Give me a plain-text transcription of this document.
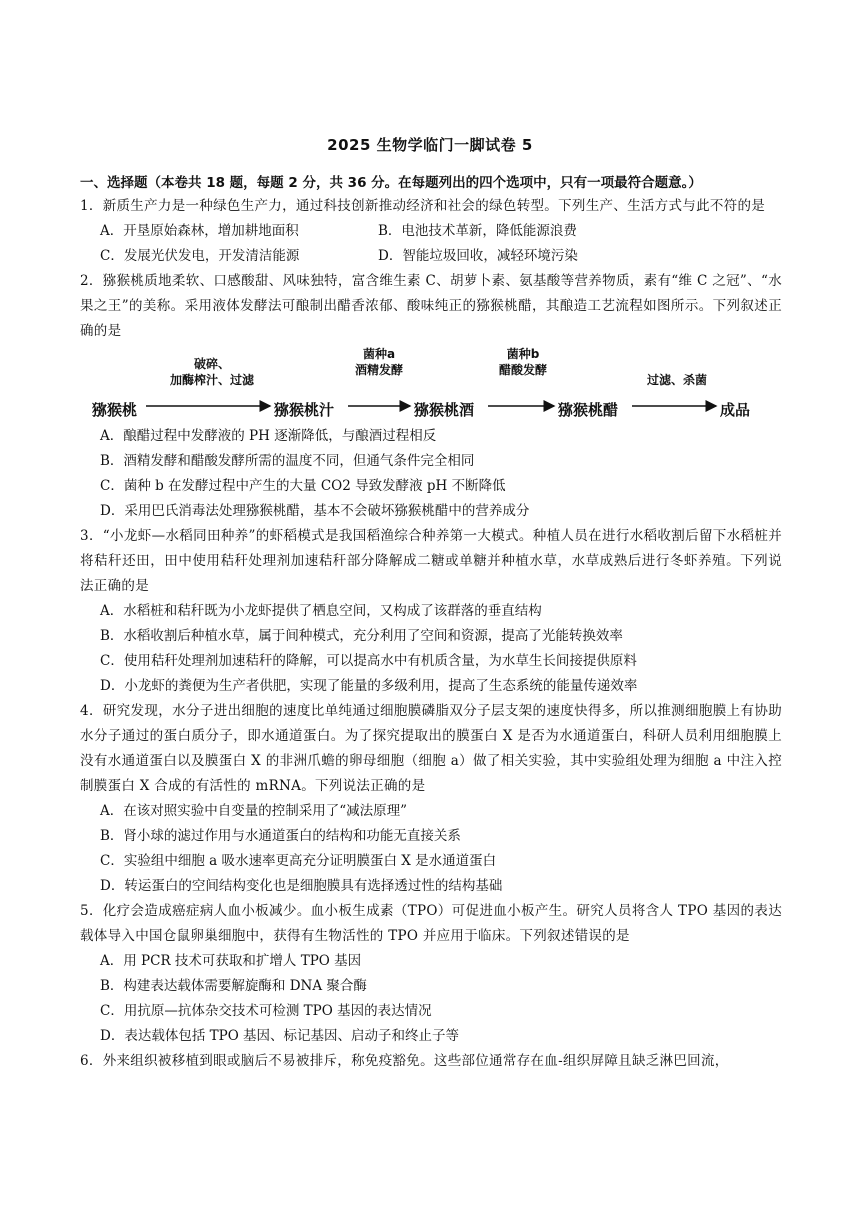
2025 生物学临门一脚试卷 5
一、选择题（本卷共 18 题，每题 2 分，共 36 分。在每题列出的四个选项中，只有一项最符合题意。）

1．新质生产力是一种绿色生产力，通过科技创新推动经济和社会的绿色转型。下列生产、生活方式与此不符的是

A．开垦原始森林，增加耕地面积	B．电池技术革新，降低能源浪费
C．发展光伏发电，开发清洁能源	D．智能垃圾回收，减轻环境污染

2．猕猴桃质地柔软、口感酸甜、风味独特，富含维生素 C、胡萝卜素、氨基酸等营养物质，素有“维 C 之冠”、“水果之王”的美称。采用液体发酵法可酿制出醋香浓郁、酸味纯正的猕猴桃醋，其酿造工艺流程如图所示。下列叙述正确的是

猕猴桃	猕猴桃汁	猕猴桃酒	猕猴桃醋	成品
破碎、
加酶榨汁、过滤
菌种a
酒精发酵
菌种b
醋酸发酵
过滤、杀菌
A．酿醋过程中发酵液的 PH 逐渐降低，与酿酒过程相反
B．酒精发酵和醋酸发酵所需的温度不同，但通气条件完全相同
C．菌种 b 在发酵过程中产生的大量 CO2 导致发酵液 pH 不断降低
D．采用巴氏消毒法处理猕猴桃醋，基本不会破坏猕猴桃醋中的营养成分

3．“小龙虾—水稻同田种养”的虾稻模式是我国稻渔综合种养第一大模式。种植人员在进行水稻收割后留下水稻桩并将秸秆还田，田中使用秸秆处理剂加速秸秆部分降解成二糖或单糖并种植水草，水草成熟后进行冬虾养殖。下列说法正确的是

A．水稻桩和秸秆既为小龙虾提供了栖息空间，又构成了该群落的垂直结构
B．水稻收割后种植水草，属于间种模式，充分利用了空间和资源，提高了光能转换效率
C．使用秸秆处理剂加速秸秆的降解，可以提高水中有机质含量，为水草生长间接提供原料
D．小龙虾的粪便为生产者供肥，实现了能量的多级利用，提高了生态系统的能量传递效率

4．研究发现，水分子进出细胞的速度比单纯通过细胞膜磷脂双分子层支架的速度快得多，所以推测细胞膜上有协助水分子通过的蛋白质分子，即水通道蛋白。为了探究提取出的膜蛋白 X 是否为水通道蛋白，科研人员利用细胞膜上没有水通道蛋白以及膜蛋白 X 的非洲爪蟾的卵母细胞（细胞 a）做了相关实验，其中实验组处理为细胞 a 中注入控制膜蛋白 X 合成的有活性的 mRNA。下列说法正确的是

A．在该对照实验中自变量的控制采用了“减法原理”
B．肾小球的滤过作用与水通道蛋白的结构和功能无直接关系
C．实验组中细胞 a 吸水速率更高充分证明膜蛋白 X 是水通道蛋白
D．转运蛋白的空间结构变化也是细胞膜具有选择透过性的结构基础

5．化疗会造成癌症病人血小板减少。血小板生成素（TPO）可促进血小板产生。研究人员将含人 TPO 基因的表达载体导入中国仓鼠卵巢细胞中，获得有生物活性的 TPO 并应用于临床。下列叙述错误的是

A．用 PCR 技术可获取和扩增人 TPO 基因
B．构建表达载体需要解旋酶和 DNA 聚合酶
C．用抗原—抗体杂交技术可检测 TPO 基因的表达情况
D．表达载体包括 TPO 基因、标记基因、启动子和终止子等

6．外来组织被移植到眼或脑后不易被排斥，称免疫豁免。这些部位通常存在血-组织屏障且缺乏淋巴回流，
